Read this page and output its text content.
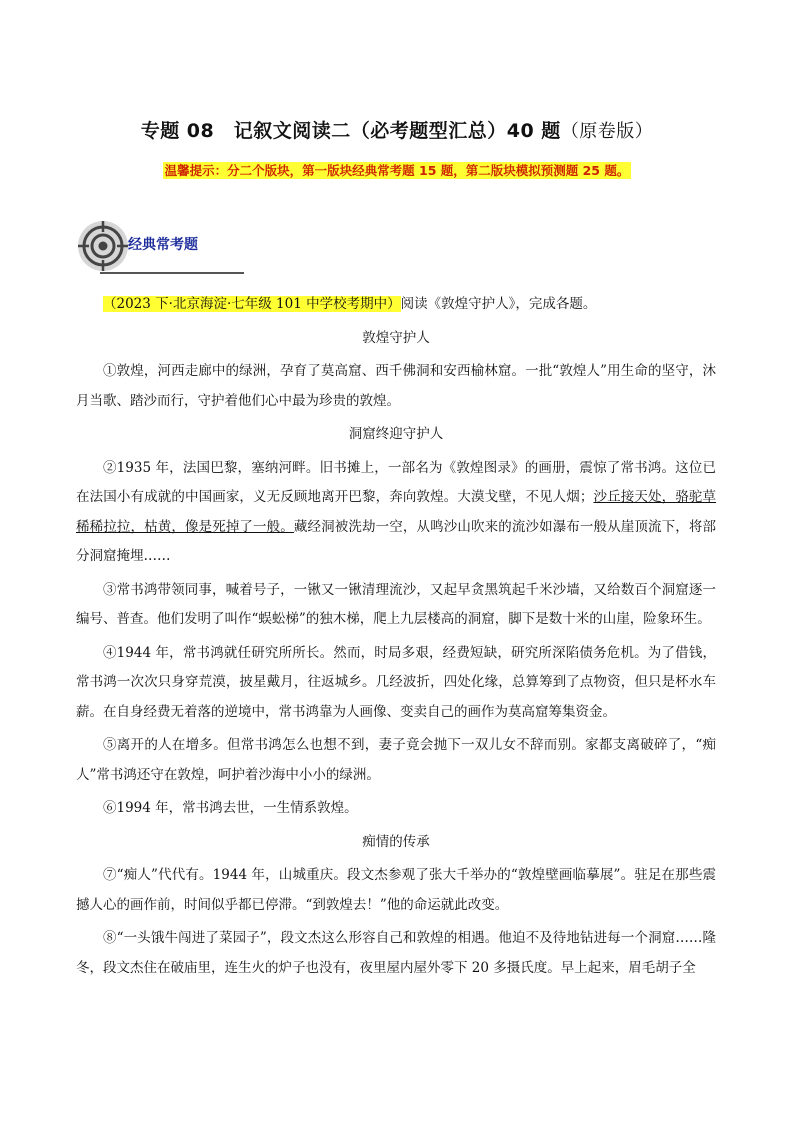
专题 08　记叙文阅读二（必考题型汇总）40 题（原卷版）
温馨提示：分二个版块，第一版块经典常考题 15 题，第二版块模拟预测题 25 题。
经典常考题

（2023 下·北京海淀·七年级 101 中学校考期中）阅读《敦煌守护人》，完成各题。

敦煌守护人

①敦煌，河西走廊中的绿洲，孕育了莫高窟、西千佛洞和安西榆林窟。一批“敦煌人”用生命的坚守，沐月当歌、踏沙而行，守护着他们心中最为珍贵的敦煌。

洞窟终迎守护人

②1935 年，法国巴黎，塞纳河畔。旧书摊上，一部名为《敦煌图录》的画册，震惊了常书鸿。这位已在法国小有成就的中国画家，义无反顾地离开巴黎，奔向敦煌。大漠戈壁，不见人烟；沙丘接天处，骆驼草稀稀拉拉，枯黄，像是死掉了一般。藏经洞被洗劫一空，从鸣沙山吹来的流沙如瀑布一般从崖顶流下，将部分洞窟掩埋……

③常书鸿带领同事，喊着号子，一锹又一锹清理流沙，又起早贪黑筑起千米沙墙，又给数百个洞窟逐一编号、普查。他们发明了叫作“蜈蚣梯”的独木梯，爬上九层楼高的洞窟，脚下是数十米的山崖，险象环生。

④1944 年，常书鸿就任研究所所长。然而，时局多艰，经费短缺，研究所深陷债务危机。为了借钱，常书鸿一次次只身穿荒漠，披星戴月，往返城乡。几经波折，四处化缘，总算筹到了点物资，但只是杯水车薪。在自身经费无着落的逆境中，常书鸿靠为人画像、变卖自己的画作为莫高窟筹集资金。

⑤离开的人在增多。但常书鸿怎么也想不到，妻子竟会抛下一双儿女不辞而别。家都支离破碎了，“痴人”常书鸿还守在敦煌，呵护着沙海中小小的绿洲。

⑥1994 年，常书鸿去世，一生情系敦煌。

痴情的传承

⑦“痴人”代代有。1944 年，山城重庆。段文杰参观了张大千举办的“敦煌壁画临摹展”。驻足在那些震撼人心的画作前，时间似乎都已停滞。“到敦煌去！”他的命运就此改变。

⑧“一头饿牛闯进了菜园子”，段文杰这么形容自己和敦煌的相遇。他迫不及待地钻进每一个洞窟……隆冬，段文杰住在破庙里，连生火的炉子也没有，夜里屋内屋外零下 20 多摄氏度。早上起来，眉毛胡子全
